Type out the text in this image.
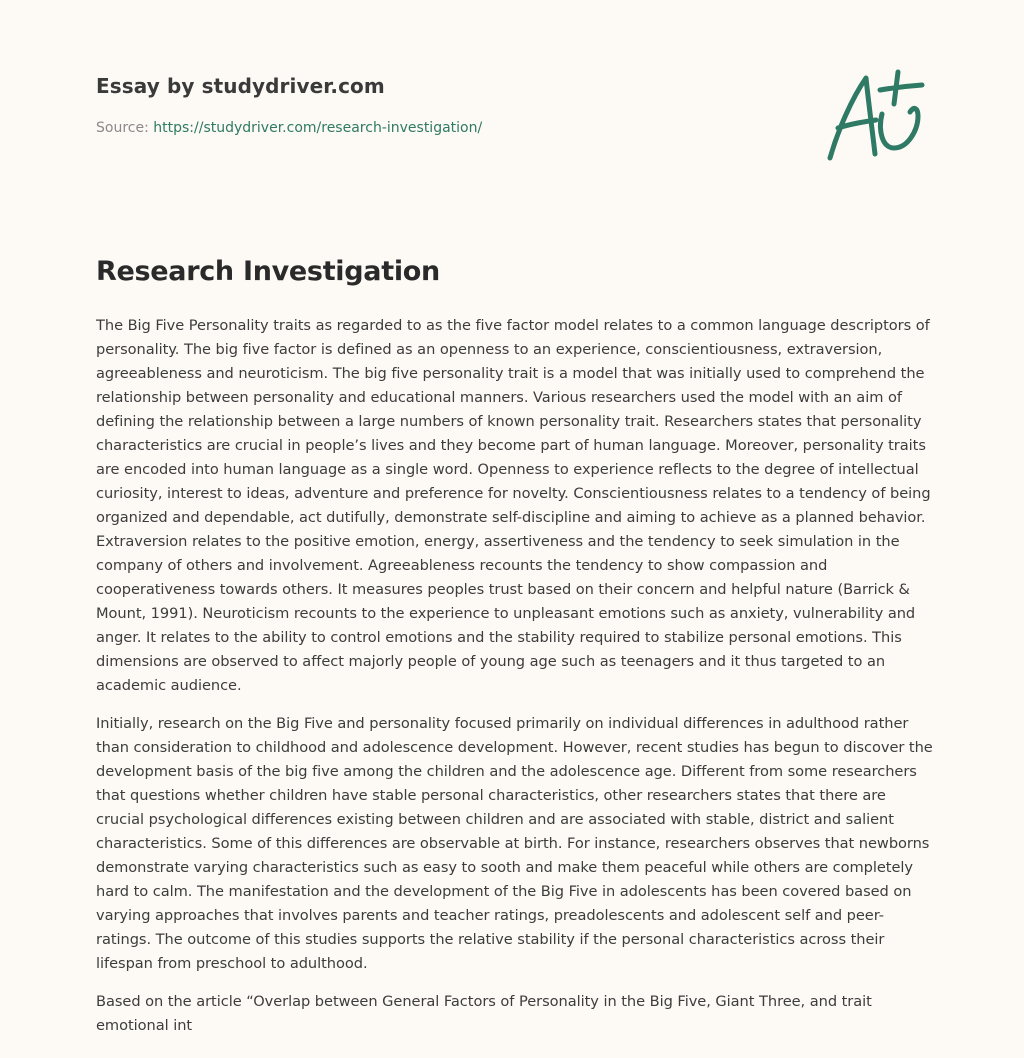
Essay by studydriver.com
Source: https://studydriver.com/research-investigation/
Research Investigation

The Big Five Personality traits as regarded to as the five factor model relates to a common language descriptors of personality. The big five factor is defined as an openness to an experience, conscientiousness, extraversion, agreeableness and neuroticism. The big five personality trait is a model that was initially used to comprehend the relationship between personality and educational manners. Various researchers used the model with an aim of defining the relationship between a large numbers of known personality trait. Researchers states that personality characteristics are crucial in people’s lives and they become part of human language. Moreover, personality traits are encoded into human language as a single word. Openness to experience reflects to the degree of intellectual curiosity, interest to ideas, adventure and preference for novelty. Conscientiousness relates to a tendency of being organized and dependable, act dutifully, demonstrate self-discipline and aiming to achieve as a planned behavior. Extraversion relates to the positive emotion, energy, assertiveness and the tendency to seek simulation in the company of others and involvement. Agreeableness recounts the tendency to show compassion and cooperativeness towards others. It measures peoples trust based on their concern and helpful nature (Barrick & Mount, 1991). Neuroticism recounts to the experience to unpleasant emotions such as anxiety, vulnerability and anger. It relates to the ability to control emotions and the stability required to stabilize personal emotions. This dimensions are observed to affect majorly people of young age such as teenagers and it thus targeted to an academic audience.

Initially, research on the Big Five and personality focused primarily on individual differences in adulthood rather than consideration to childhood and adolescence development. However, recent studies has begun to discover the development basis of the big five among the children and the adolescence age. Different from some researchers that questions whether children have stable personal characteristics, other researchers states that there are crucial psychological differences existing between children and are associated with stable, district and salient characteristics. Some of this differences are observable at birth. For instance, researchers observes that newborns demonstrate varying characteristics such as easy to sooth and make them peaceful while others are completely hard to calm. The manifestation and the development of the Big Five in adolescents has been covered based on varying approaches that involves parents and teacher ratings, preadolescents and adolescent self and peer-ratings. The outcome of this studies supports the relative stability if the personal characteristics across their lifespan from preschool to adulthood.

Based on the article “Overlap between General Factors of Personality in the Big Five, Giant Three, and trait emotional int
